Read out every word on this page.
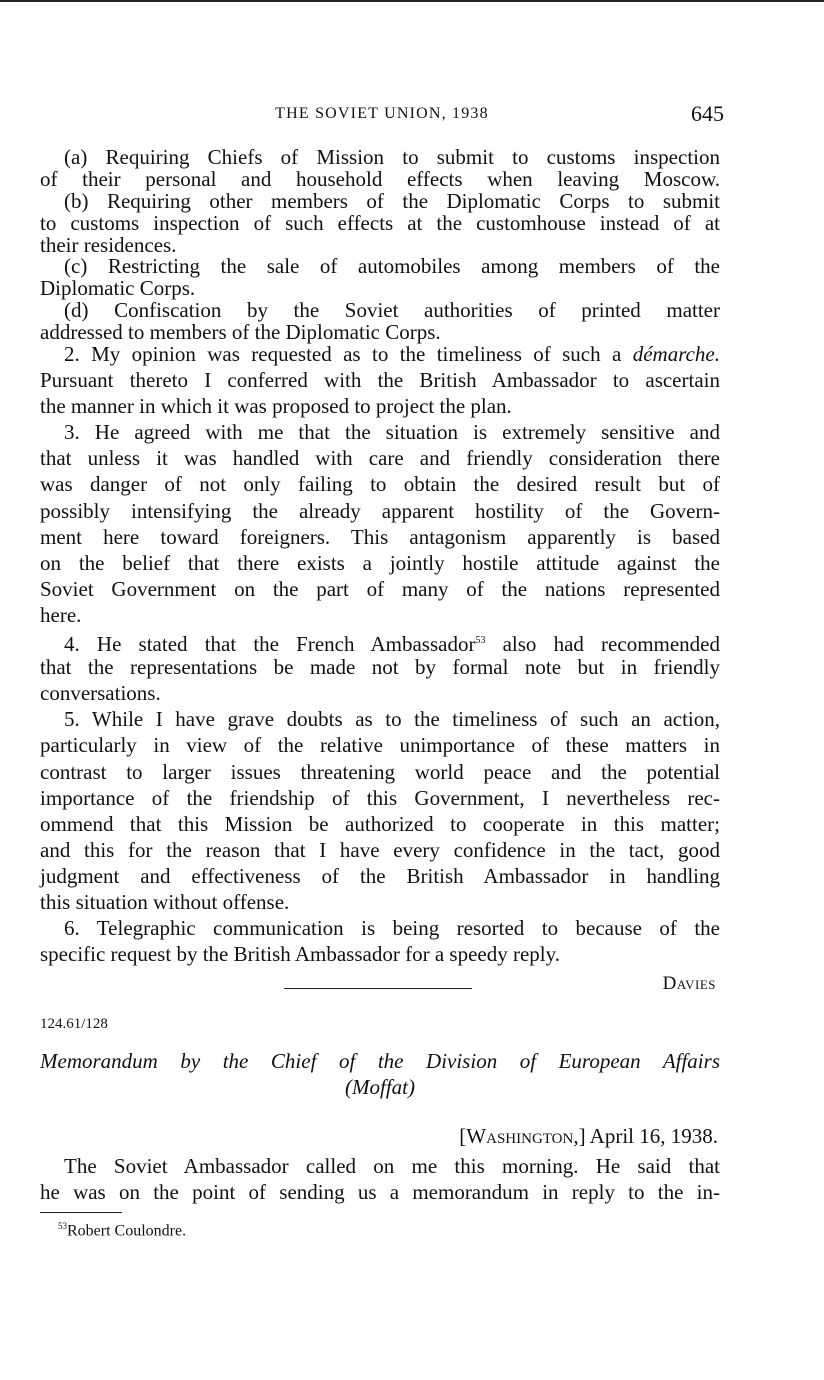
THE SOVIET UNION, 1938	645
(a) Requiring Chiefs of Mission to submit to customs inspection
of their personal and household effects when leaving Moscow.
(b) Requiring other members of the Diplomatic Corps to submit
to customs inspection of such effects at the customhouse instead of at
their residences.
(c) Restricting the sale of automobiles among members of the
Diplomatic Corps.
(d) Confiscation by the Soviet authorities of printed matter
addressed to members of the Diplomatic Corps.
2. My opinion was requested as to the timeliness of such a démarche.
Pursuant thereto I conferred with the British Ambassador to ascertain
the manner in which it was proposed to project the plan.
3. He agreed with me that the situation is extremely sensitive and
that unless it was handled with care and friendly consideration there
was danger of not only failing to obtain the desired result but of
possibly intensifying the already apparent hostility of the Govern-
ment here toward foreigners. This antagonism apparently is based
on the belief that there exists a jointly hostile attitude against the
Soviet Government on the part of many of the nations represented
here.
4. He stated that the French Ambassador$^{53}$ also had recommended
that the representations be made not by formal note but in friendly
conversations.
5. While I have grave doubts as to the timeliness of such an action,
particularly in view of the relative unimportance of these matters in
contrast to larger issues threatening world peace and the potential
importance of the friendship of this Government, I nevertheless rec-
ommend that this Mission be authorized to cooperate in this matter;
and this for the reason that I have every confidence in the tact, good
judgment and effectiveness of the British Ambassador in handling
this situation without offense.
6. Telegraphic communication is being resorted to because of the
specific request by the British Ambassador for a speedy reply.
Davies
124.61/128
Memorandum by the Chief of the Division of European Affairs
(Moffat)
[Washington,] April 16, 1938.
The Soviet Ambassador called on me this morning. He said that
he was on the point of sending us a memorandum in reply to the in-
$^{53}$Robert Coulondre.
